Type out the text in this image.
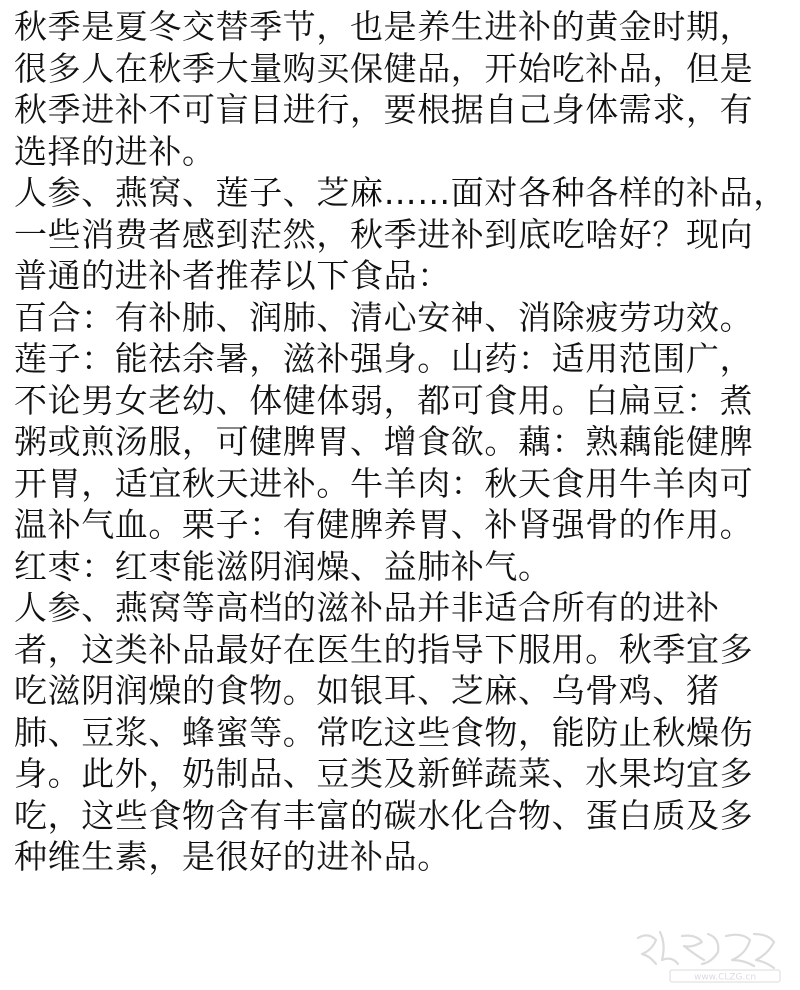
秋季是夏冬交替季节，也是养生进补的黄金时期，
很多人在秋季大量购买保健品，开始吃补品，但是
秋季进补不可盲目进行，要根据自己身体需求，有
选择的进补。
人参、燕窝、莲子、芝麻……面对各种各样的补品，
一些消费者感到茫然，秋季进补到底吃啥好？现向
普通的进补者推荐以下食品：
百合：有补肺、润肺、清心安神、消除疲劳功效。
莲子：能祛余暑，滋补强身。山药：适用范围广，
不论男女老幼、体健体弱，都可食用。白扁豆：煮
粥或煎汤服，可健脾胃、增食欲。藕：熟藕能健脾
开胃，适宜秋天进补。牛羊肉：秋天食用牛羊肉可
温补气血。栗子：有健脾养胃、补肾强骨的作用。
红枣：红枣能滋阴润燥、益肺补气。
人参、燕窝等高档的滋补品并非适合所有的进补
者，这类补品最好在医生的指导下服用。秋季宜多
吃滋阴润燥的食物。如银耳、芝麻、乌骨鸡、猪
肺、豆浆、蜂蜜等。常吃这些食物，能防止秋燥伤
身。此外，奶制品、豆类及新鲜蔬菜、水果均宜多
吃，这些食物含有丰富的碳水化合物、蛋白质及多
种维生素，是很好的进补品。
www.CLZG.cn
